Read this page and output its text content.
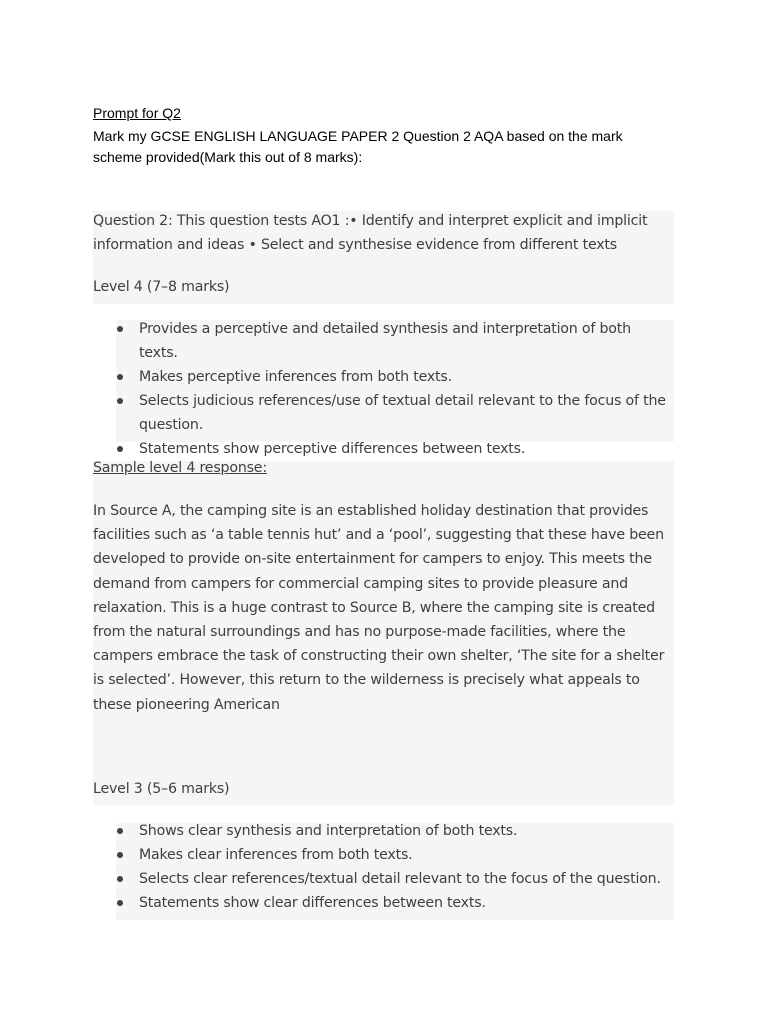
Prompt for Q2
Mark my GCSE ENGLISH LANGUAGE PAPER 2 Question 2 AQA based on the mark scheme provided(Mark this out of 8 marks):
Question 2: This question tests AO1 :• Identify and interpret explicit and implicit information and ideas • Select and synthesise evidence from different texts
Level 4 (7–8 marks)
Provides a perceptive and detailed synthesis and interpretation of both texts.
Makes perceptive inferences from both texts.
Selects judicious references/use of textual detail relevant to the focus of the question.
Statements show perceptive differences between texts.
Sample level 4 response:
In Source A, the camping site is an established holiday destination that provides facilities such as ‘a table tennis hut’ and a ‘pool’, suggesting that these have been developed to provide on-site entertainment for campers to enjoy. This meets the demand from campers for commercial camping sites to provide pleasure and relaxation. This is a huge contrast to Source B, where the camping site is created from the natural surroundings and has no purpose-made facilities, where the campers embrace the task of constructing their own shelter, ‘The site for a shelter is selected’. However, this return to the wilderness is precisely what appeals to these pioneering American
Level 3 (5–6 marks)
Shows clear synthesis and interpretation of both texts.
Makes clear inferences from both texts.
Selects clear references/textual detail relevant to the focus of the question.
Statements show clear differences between texts.
